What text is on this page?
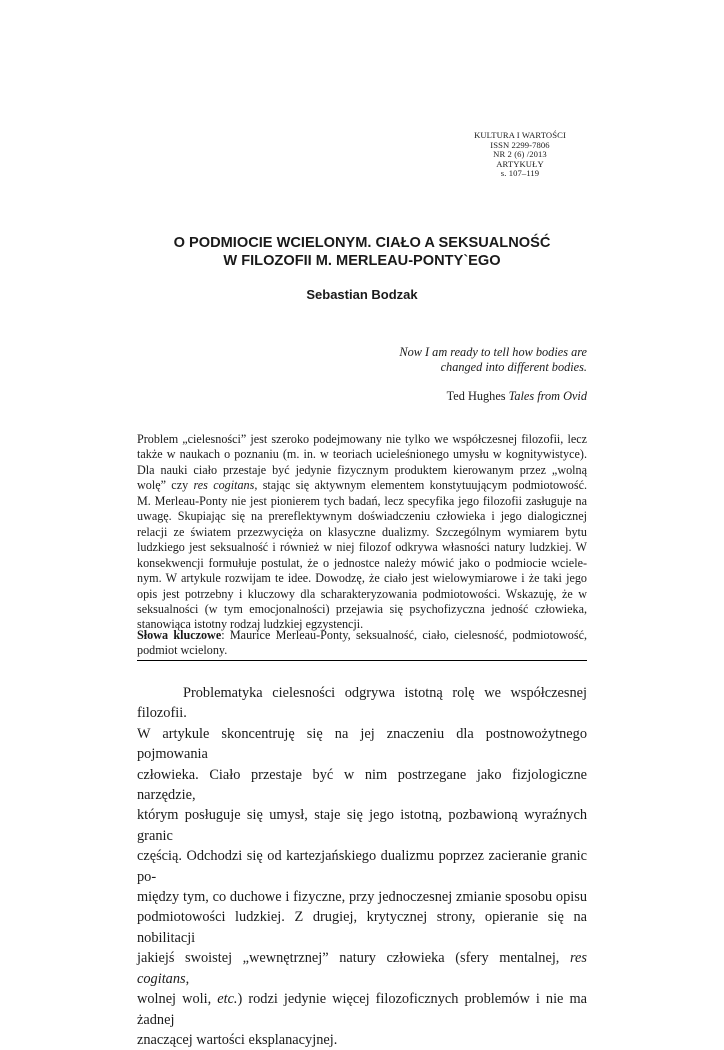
KULTURA I WARTOŚCI
ISSN 2299-7806
NR 2 (6) /2013
ARTYKUŁY
s. 107–119
O PODMIOCIE WCIELONYM. CIAŁO A SEKSUALNOŚĆ
W FILOZOFII M. MERLEAU-PONTY`EGO
Sebastian Bodzak
Now I am ready to tell how bodies are
changed into different bodies.
Ted Hughes Tales from Ovid
Problem „cielesności” jest szeroko podejmowany nie tylko we współczesnej filozofii, lecz
także w naukach o poznaniu (m. in. w teoriach ucieleśnionego umysłu w kognitywistyce).
Dla nauki ciało przestaje być jedynie fizycznym produktem kierowanym przez „wolną
wolę” czy res cogitans, stając się aktywnym elementem konstytuującym podmiotowość.
M. Merleau-Ponty nie jest pionierem tych badań, lecz specyfika jego filozofii zasługuje na
uwagę. Skupiając się na prereflektywnym doświadczeniu człowieka i jego dialogicznej
relacji ze światem przezwycięża on klasyczne dualizmy. Szczególnym wymiarem bytu
ludzkiego jest seksualność i również w niej filozof odkrywa własności natury ludzkiej. W
konsekwencji formułuje postulat, że o jednostce należy mówić jako o podmiocie wciele-
nym. W artykule rozwijam te idee. Dowodzę, że ciało jest wielowymiarowe i że taki jego
opis jest potrzebny i kluczowy dla scharakteryzowania podmiotowości. Wskazuję, że w
seksualności (w tym emocjonalności) przejawia się psychofizyczna jedność człowieka,
stanowiąca istotny rodzaj ludzkiej egzystencji.
Słowa kluczowe: Maurice Merleau-Ponty, seksualność, ciało, cielesność, podmiotowość,
podmiot wcielony.
Problematyka cielesności odgrywa istotną rolę we współczesnej filozofii.
W artykule skoncentruję się na jej znaczeniu dla postnowożytnego pojmowania
człowieka. Ciało przestaje być w nim postrzegane jako fizjologiczne narzędzie,
którym posługuje się umysł, staje się jego istotną, pozbawioną wyraźnych granic
częścią. Odchodzi się od kartezjańskiego dualizmu poprzez zacieranie granic po-
między tym, co duchowe i fizyczne, przy jednoczesnej zmianie sposobu opisu
podmiotowości ludzkiej. Z drugiej, krytycznej strony, opieranie się na nobilitacji
jakiejś swoistej „wewnętrznej” natury człowieka (sfery mentalnej, res cogitans,
wolnej woli, etc.) rodzi jedynie więcej filozoficznych problemów i nie ma żadnej
znaczącej wartości eksplanacyjnej.
